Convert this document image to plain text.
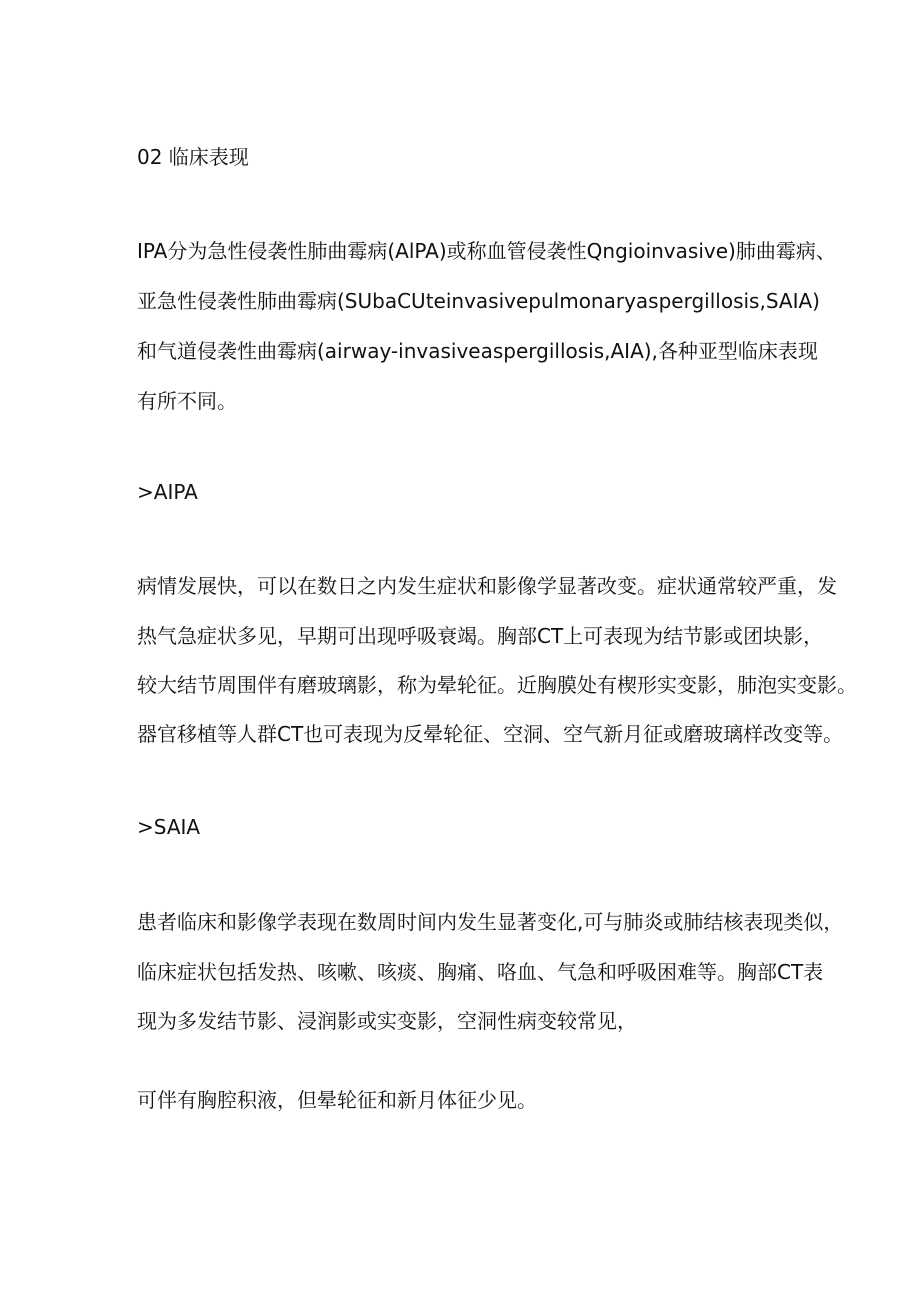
02 临床表现

IPA分为急性侵袭性肺曲霉病(AlPA)或称血管侵袭性Qngioinvasive)肺曲霉病、

亚急性侵袭性肺曲霉病(SUbaCUteinvasivepulmonaryaspergillosis,SAIA)

和气道侵袭性曲霉病(airway-invasiveaspergillosis,AIA),各种亚型临床表现

有所不同。

>AIPA

病情发展快，可以在数日之内发生症状和影像学显著改变。症状通常较严重，发

热气急症状多见，早期可出现呼吸衰竭。胸部CT上可表现为结节影或团块影，

较大结节周围伴有磨玻璃影，称为晕轮征。近胸膜处有楔形实变影，肺泡实变影。

器官移植等人群CT也可表现为反晕轮征、空洞、空气新月征或磨玻璃样改变等。

>SAIA

患者临床和影像学表现在数周时间内发生显著变化,可与肺炎或肺结核表现类似，

临床症状包括发热、咳嗽、咳痰、胸痛、咯血、气急和呼吸困难等。胸部CT表

现为多发结节影、浸润影或实变影，空洞性病变较常见，

可伴有胸腔积液，但晕轮征和新月体征少见。
